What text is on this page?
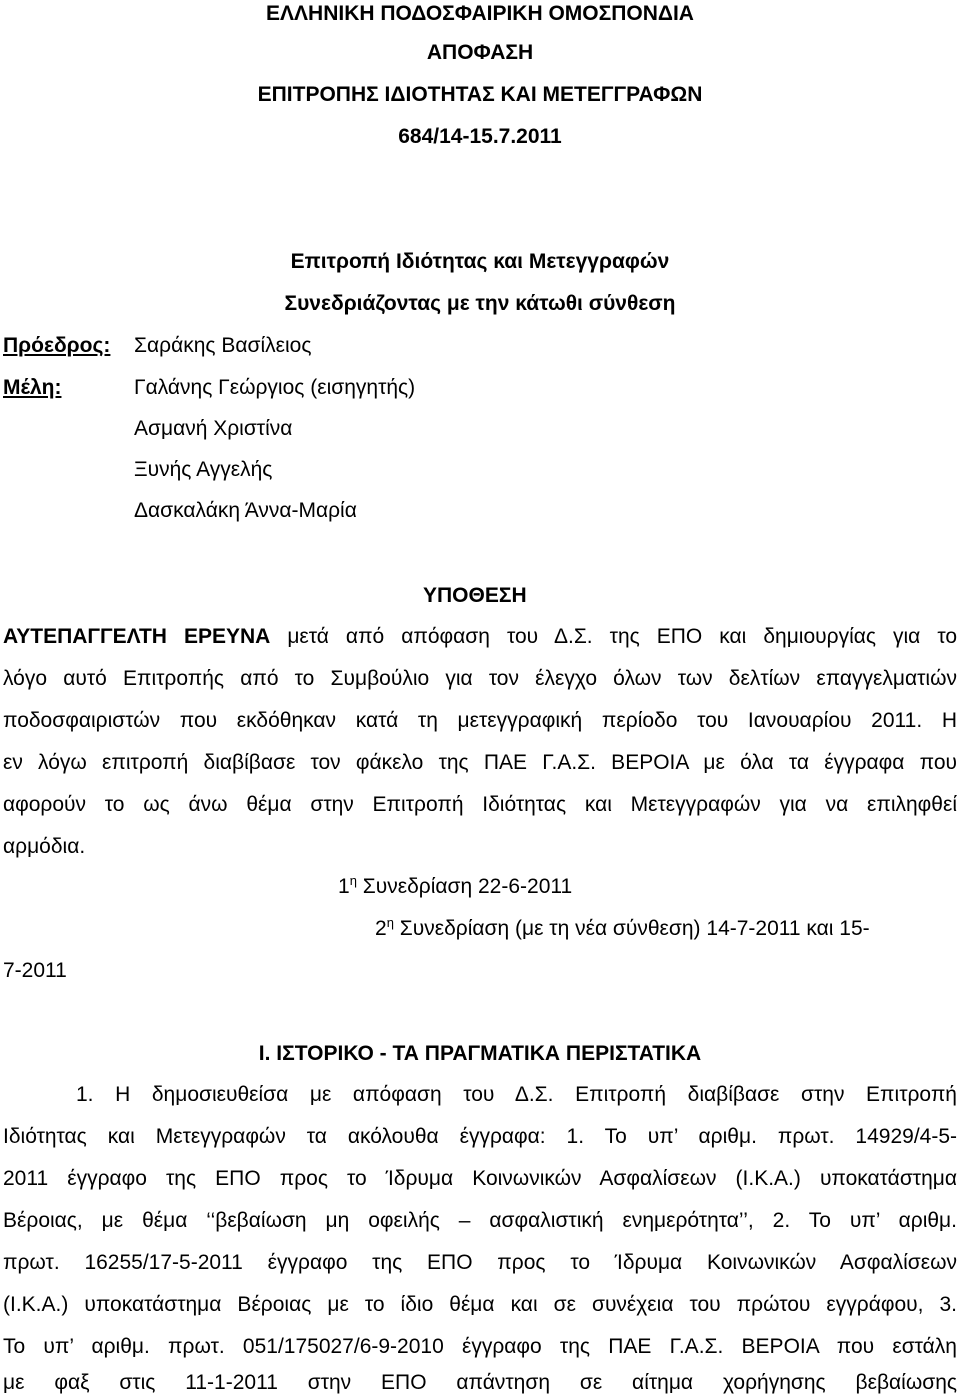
ΕΛΛΗΝΙΚΗ ΠΟΔΟΣΦΑΙΡΙΚΗ ΟΜΟΣΠΟΝΔΙΑ
ΑΠΟΦΑΣΗ
ΕΠΙΤΡΟΠΗΣ ΙΔΙΟΤΗΤΑΣ ΚΑΙ ΜΕΤΕΓΓΡΑΦΩΝ
684/14-15.7.2011
Επιτροπή Ιδιότητας και Μετεγγραφών
Συνεδριάζοντας με την κάτωθι σύνθεση
Πρόεδρος: Σαράκης Βασίλειος
Μέλη:	Γαλάνης Γεώργιος (εισηγητής)
Ασμανή Χριστίνα
Ξυνής Αγγελής
Δασκαλάκη Άννα-Μαρία
ΥΠΟΘΕΣΗ
ΑΥΤΕΠΑΓΓΕΛΤΗ ΕΡΕΥΝΑ μετά από απόφαση του Δ.Σ. της ΕΠΟ και δημιουργίας για το
λόγο αυτό Επιτροπής από το Συμβούλιο για τον έλεγχο όλων των δελτίων επαγγελματιών
ποδοσφαιριστών που εκδόθηκαν κατά τη μετεγγραφική περίοδο του Ιανουαρίου 2011. Η
εν λόγω επιτροπή διαβίβασε τον φάκελο της ΠΑΕ Γ.Α.Σ. ΒΕΡΟΙΑ με όλα τα έγγραφα που
αφορούν το ως άνω θέμα στην Επιτροπή Ιδιότητας και Μετεγγραφών για να επιληφθεί
αρμόδια.
$1^\eta$ Συνεδρίαση 22-6-2011
$2^\eta$ Συνεδρίαση (με τη νέα σύνθεση) 14-7-2011 και 15-
7-2011
Ι. ΙΣΤΟΡΙΚΟ - ΤΑ ΠΡΑΓΜΑΤΙΚΑ ΠΕΡΙΣΤΑΤΙΚΑ
1. Η δημοσιευθείσα με απόφαση του Δ.Σ. Επιτροπή διαβίβασε στην Επιτροπή
Ιδιότητας και Μετεγγραφών τα ακόλουθα έγγραφα: 1. Το υπ’ αριθμ. πρωτ. 14929/4-5-
2011 έγγραφο της ΕΠΟ προς το Ίδρυμα Κοινωνικών Ασφαλίσεων (Ι.Κ.Α.) υποκατάστημα
Βέροιας, με θέμα ‘‘βεβαίωση μη οφειλής – ασφαλιστική ενημερότητα’’, 2. Το υπ’ αριθμ.
πρωτ. 16255/17-5-2011 έγγραφο της ΕΠΟ προς το Ίδρυμα Κοινωνικών Ασφαλίσεων
(Ι.Κ.Α.) υποκατάστημα Βέροιας με το ίδιο θέμα και σε συνέχεια του πρώτου εγγράφου, 3.
Το υπ’ αριθμ. πρωτ. 051/175027/6-9-2010 έγγραφο της ΠΑΕ Γ.Α.Σ. ΒΕΡΟΙΑ που εστάλη
με φαξ στις 11-1-2011 στην ΕΠΟ απάντηση σε αίτημα χορήγησης βεβαίωσης
